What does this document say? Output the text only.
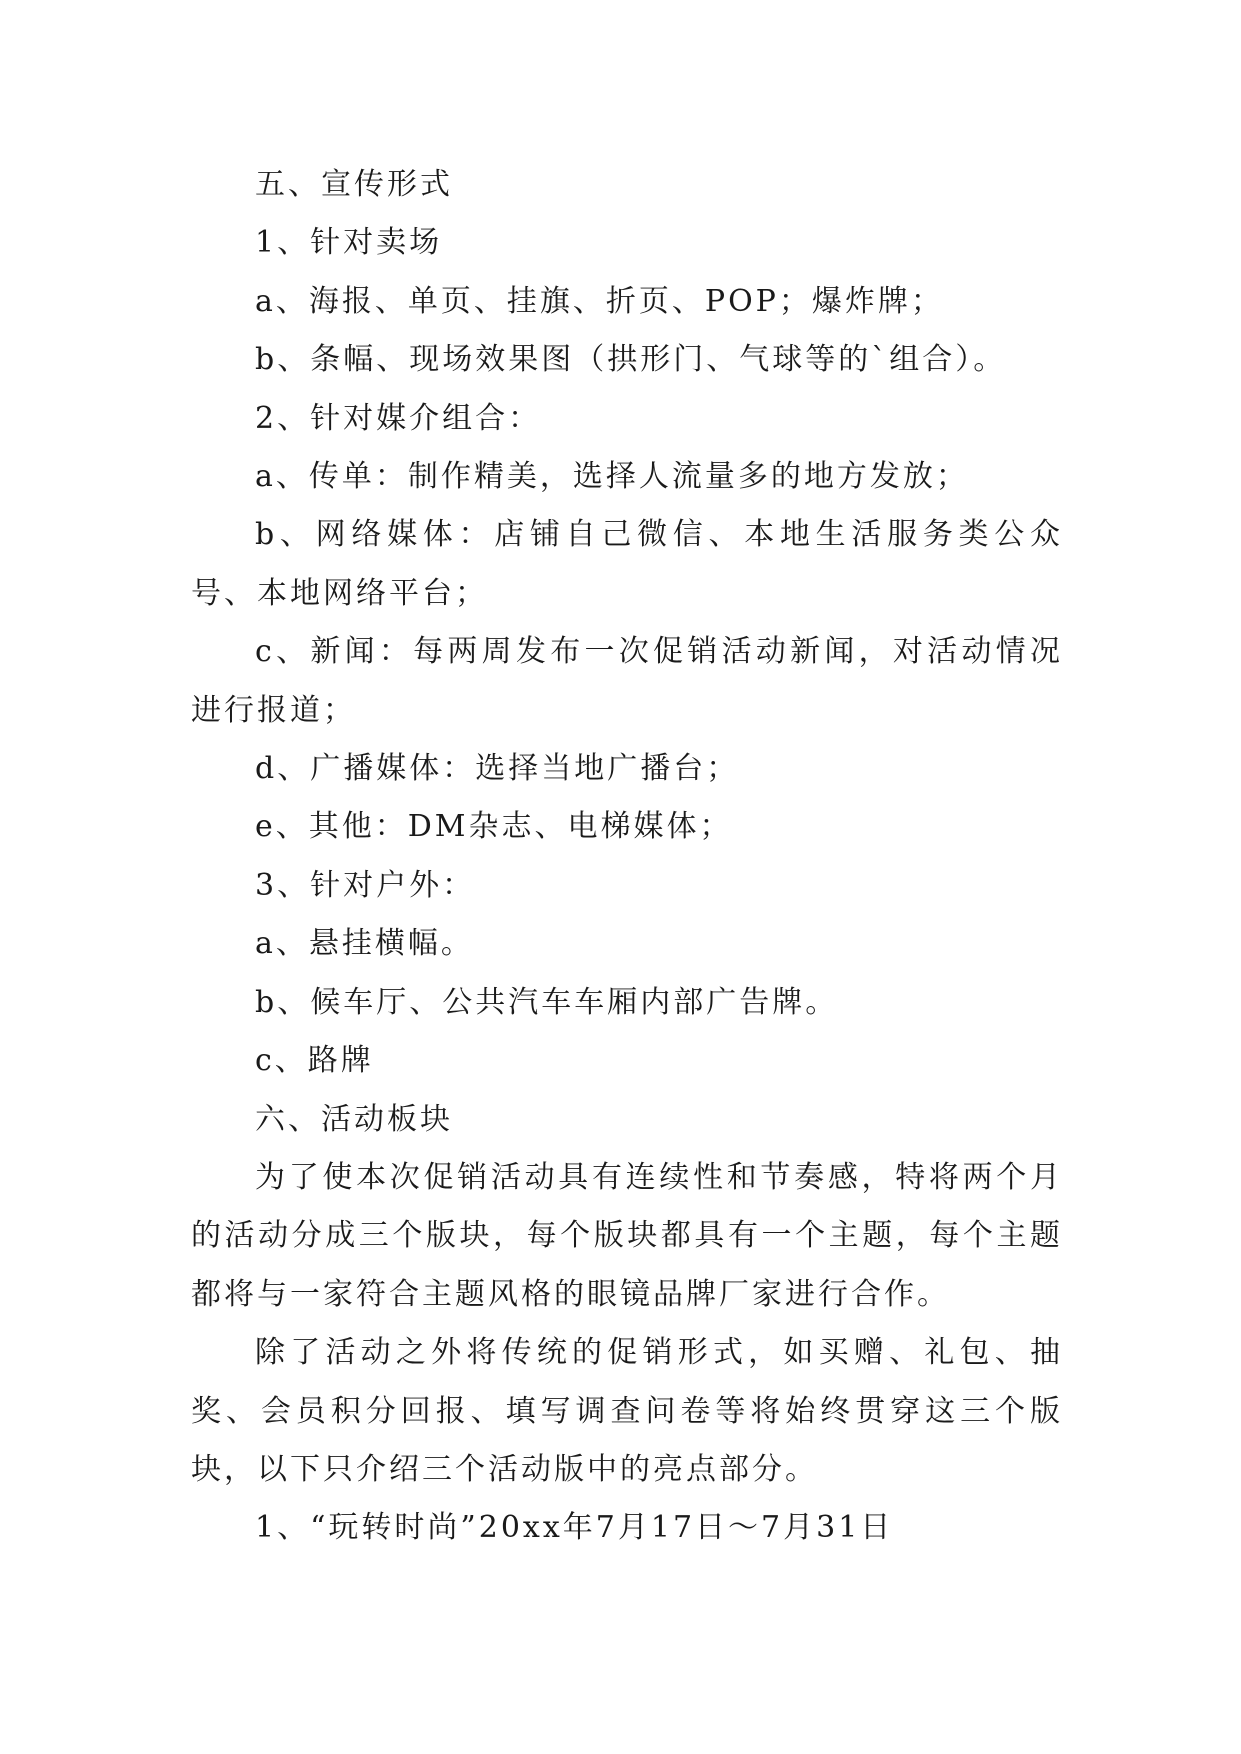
五、宣传形式

1、针对卖场

a、海报、单页、挂旗、折页、POP；爆炸牌；

b、条幅、现场效果图（拱形门、气球等的`组合）。

2、针对媒介组合：

a、传单：制作精美，选择人流量多的地方发放；

b、网络媒体：店铺自己微信、本地生活服务类公众号、本地网络平台；

c、新闻：每两周发布一次促销活动新闻，对活动情况进行报道；

d、广播媒体：选择当地广播台；

e、其他：DM杂志、电梯媒体；

3、针对户外：

a、悬挂横幅。

b、候车厅、公共汽车车厢内部广告牌。

c、路牌

六、活动板块

为了使本次促销活动具有连续性和节奏感，特将两个月的活动分成三个版块，每个版块都具有一个主题，每个主题都将与一家符合主题风格的眼镜品牌厂家进行合作。

除了活动之外将传统的促销形式，如买赠、礼包、抽奖、会员积分回报、填写调查问卷等将始终贯穿这三个版块，以下只介绍三个活动版中的亮点部分。

1、“玩转时尚”20xx年7月17日～7月31日
